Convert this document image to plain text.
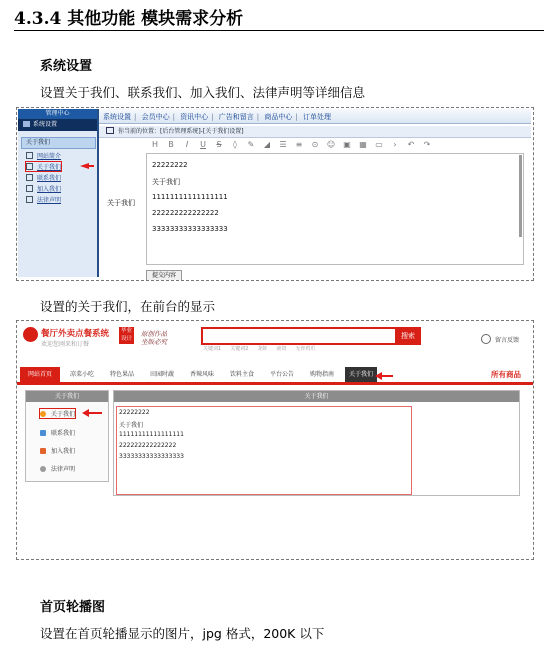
4.3.4 其他功能 模块需求分析
系统设置
设置关于我们、联系我们、加入我们、法律声明等详细信息
管理中心
系统设置
关于我们
网站简介
关于我们
联系我们
加入我们
法律声明
系统设置 | 会员中心 | 资讯中心 | 广告和留言 | 商品中心 | 订单处理
你当前的位置：[后台管理系统]-[关于我们设置]
H B I U S ◊ ✎ ◢ ☰ ≡ ⊙ ☺ ▣ ▦ ▭ › ↶ ↷
关于我们
22222222
关于我们
11111111111111111
222222222222222
33333333333333333
提交内容
设置的关于我们，在前台的显示
餐厅外卖点餐系统
欢迎您刚来和订餐
毕业设计
原创作品
坐版必究
搜索
关键词1 关键词2 龙虾 液饲 无骨鸡爪
留言反馈
网站首页	凉菜小吃	特色果品	田园时蔬	香辣风味	饮料主食	平台公告	购物指南	关于我们	所有商品
关于我们
关于我们
联系我们
加入我们
法律声明
关于我们
22222222
关于我们
11111111111111111
222222222222222
33333333333333333
首页轮播图
设置在首页轮播显示的图片，jpg 格式，200K 以下
